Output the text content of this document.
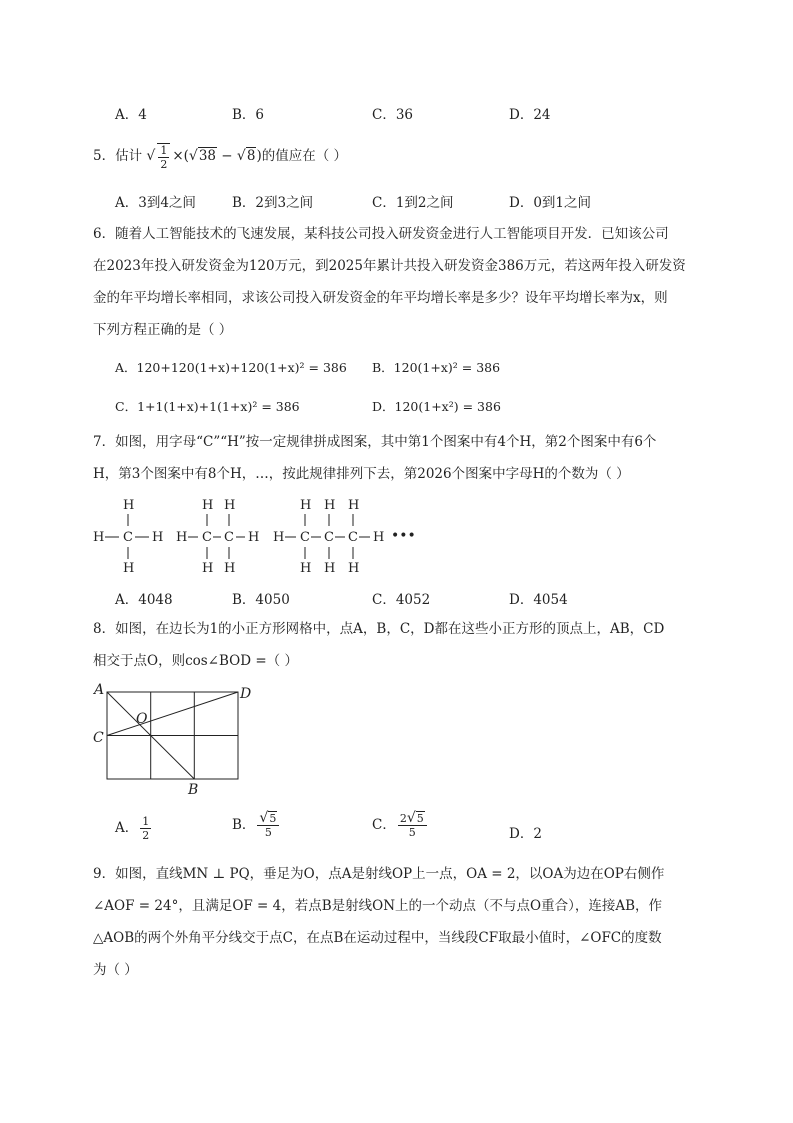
A．4	B．6	C．36	D．24
5．估计 √ $\frac{1}{2} \times(√38 - √8)$的值应在（ ）
A．3到4之间	B．2到3之间	C．1到2之间	D．0到1之间
6．随着人工智能技术的飞速发展，某科技公司投入研发资金进行人工智能项目开发．已知该公司
在2023年投入研发资金为120万元，到2025年累计共投入研发资金386万元，若这两年投入研发资
金的年平均增长率相同，求该公司投入研发资金的年平均增长率是多少？设年平均增长率为x，则
下列方程正确的是（ ）
A．120+120(1+x)+120(1+x)² = 386 B．120(1+x)² = 386
C．1+1(1+x)+1(1+x)² = 386	D．120(1+x²) = 386
7．如图，用字母“C”“H”按一定规律拼成图案，其中第1个图案中有4个H，第2个图案中有6个
H，第3个图案中有8个H，…，按此规律排列下去，第2026个图案中字母H的个数为（ ）
H
H C H
H
H H
H C C H
H H
H H H
H C C C H
H H H
•••
A．4048	B．4050	C．4052	D．4054
8．如图，在边长为1的小正方形网格中，点A，B，C，D都在这些小正方形的顶点上，AB，CD
相交于点O，则cos∠BOD =（ ）
A	D
O
C
B
A． $\frac{1}{2}$	B． $\frac{√5}{5}$	C． $\frac{2√5}{5}$	D．2
9．如图，直线MN ⊥ PQ，垂足为O，点A是射线OP上一点，OA = 2，以OA为边在OP右侧作
∠AOF = 24°，且满足OF = 4，若点B是射线ON上的一个动点（不与点O重合），连接AB，作
△AOB的两个外角平分线交于点C，在点B在运动过程中，当线段CF取最小值时，∠OFC的度数
为（ ）
